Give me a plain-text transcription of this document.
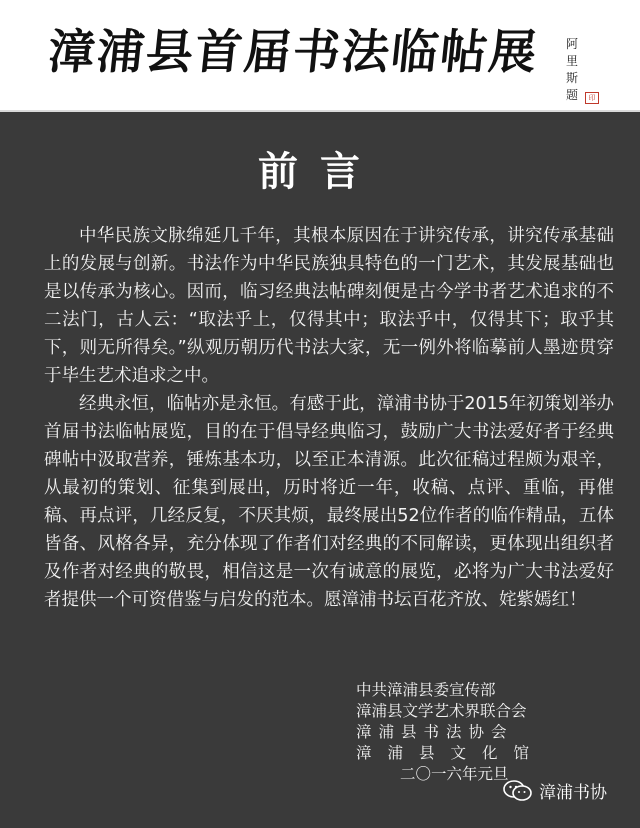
漳浦县首届书法临帖展 阿里斯题	印
前言

中华民族文脉绵延几千年，其根本原因在于讲究传承，讲究传承基础上的发展与创新。书法作为中华民族独具特色的一门艺术，其发展基础也是以传承为核心。因而，临习经典法帖碑刻便是古今学书者艺术追求的不二法门，古人云：“取法乎上，仅得其中；取法乎中，仅得其下；取乎其下，则无所得矣。”纵观历朝历代书法大家，无一例外将临摹前人墨迹贯穿于毕生艺术追求之中。

经典永恒，临帖亦是永恒。有感于此，漳浦书协于2015年初策划举办首届书法临帖展览，目的在于倡导经典临习，鼓励广大书法爱好者于经典碑帖中汲取营养，锤炼基本功，以至正本清源。此次征稿过程颇为艰辛，从最初的策划、征集到展出，历时将近一年，收稿、点评、重临，再催稿、再点评，几经反复，不厌其烦，最终展出52位作者的临作精品，五体皆备、风格各异，充分体现了作者们对经典的不同解读，更体现出组织者及作者对经典的敬畏，相信这是一次有诚意的展览，必将为广大书法爱好者提供一个可资借鉴与启发的范本。愿漳浦书坛百花齐放、姹紫嫣红！

中共漳浦县委宣传部
漳浦县文学艺术界联合会
漳浦县书法协会
漳浦县文化馆
二〇一六年元旦
漳浦书协
